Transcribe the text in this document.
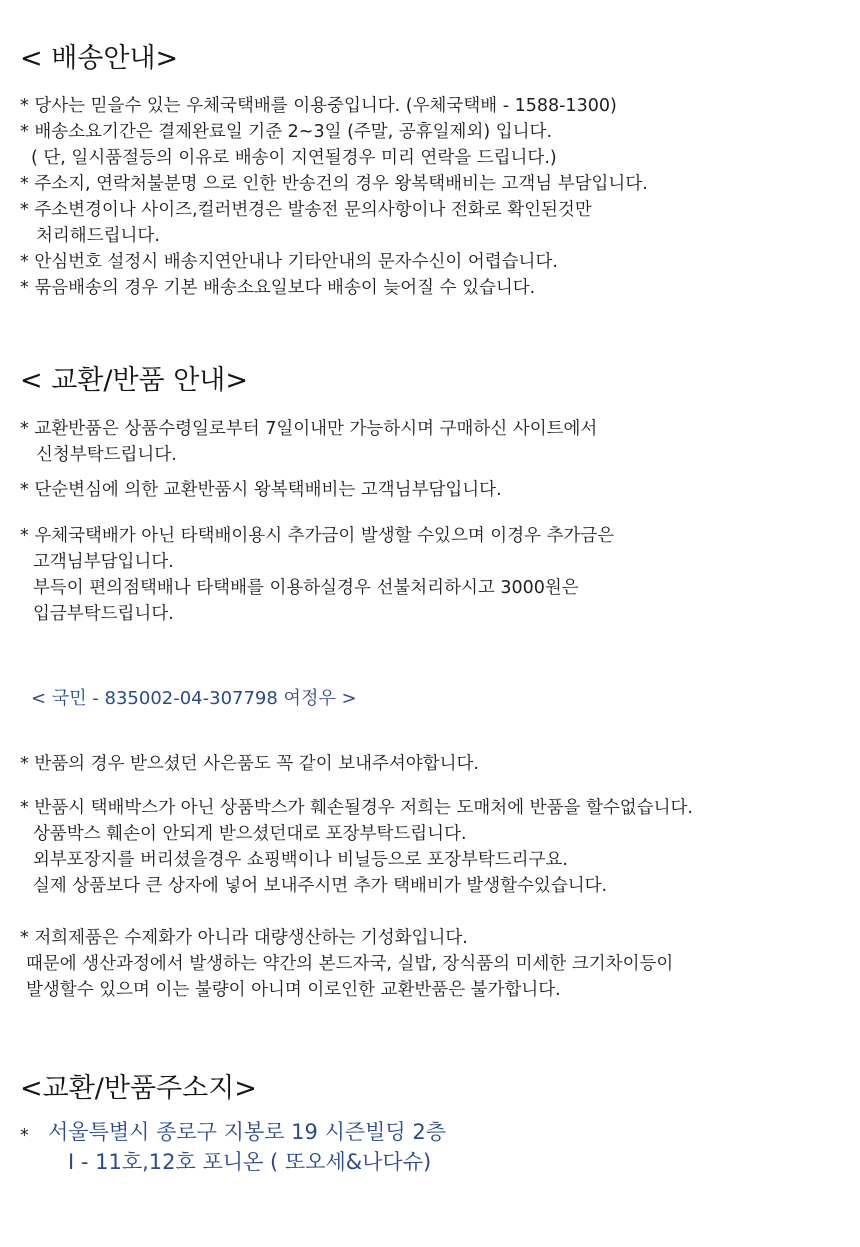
< 배송안내>
* 당사는 믿을수 있는 우체국택배를 이용중입니다. (우체국택배 - 1588-1300)
* 배송소요기간은 결제완료일 기준 2~3일 (주말, 공휴일제외) 입니다.
( 단, 일시품절등의 이유로 배송이 지연될경우 미리 연락을 드립니다.)
* 주소지, 연락처불분명 으로 인한 반송건의 경우 왕복택배비는 고객님 부담입니다.
* 주소변경이나 사이즈,컬러변경은 발송전 문의사항이나 전화로 확인된것만
처리해드립니다.
* 안심번호 설정시 배송지연안내나 기타안내의 문자수신이 어렵습니다.
* 묶음배송의 경우 기본 배송소요일보다 배송이 늦어질 수 있습니다.
< 교환/반품 안내>
* 교환반품은 상품수령일로부터 7일이내만 가능하시며 구매하신 사이트에서
신청부탁드립니다.
* 단순변심에 의한 교환반품시 왕복택배비는 고객님부담입니다.
* 우체국택배가 아닌 타택배이용시 추가금이 발생할 수있으며 이경우 추가금은
고객님부담입니다.
부득이 편의점택배나 타택배를 이용하실경우 선불처리하시고 3000원은
입금부탁드립니다.
< 국민 - 835002-04-307798 여정우 >
* 반품의 경우 받으셨던 사은품도 꼭 같이 보내주셔야합니다.
* 반품시 택배박스가 아닌 상품박스가 훼손될경우 저희는 도매처에 반품을 할수없습니다.
상품박스 훼손이 안되게 받으셨던대로 포장부탁드립니다.
외부포장지를 버리셨을경우 쇼핑백이나 비닐등으로 포장부탁드리구요.
실제 상품보다 큰 상자에 넣어 보내주시면 추가 택배비가 발생할수있습니다.
* 저희제품은 수제화가 아니라 대량생산하는 기성화입니다.
때문에 생산과정에서 발생하는 약간의 본드자국, 실밥, 장식품의 미세한 크기차이등이
발생할수 있으며 이는 불량이 아니며 이로인한 교환반품은 불가합니다.
<교환/반품주소지>
* 서울특별시 종로구 지봉로 19 시즌빌딩 2층
I - 11호,12호 포니온 ( 또오세&나다슈)
